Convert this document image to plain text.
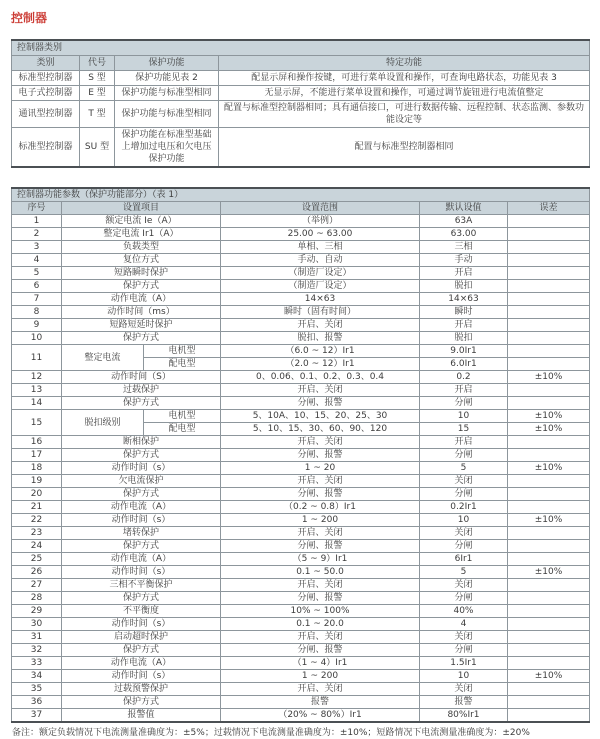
控制器
控制器类别			
类别	代号	保护功能	特定功能
标准型控制器	S 型	保护功能见表 2	配显示屏和操作按键，可进行菜单设置和操作，可查询电路状态，功能见表 3
电子式控制器	E 型	保护功能与标准型相同	无显示屏，不能进行菜单设置和操作，可通过调节旋钮进行电流值整定
通讯型控制器	T 型	保护功能与标准型相同	配置与标准型控制器相同；具有通信接口，可进行数据传输、远程控制、状态监测、参数功能设定等
标准型控制器	SU 型	保护功能在标准型基础上增加过电压和欠电压保护功能	配置与标准型控制器相同
控制器功能参数（保护功能部分）（表 1）					
序号	设置项目		设置范围	默认设值	误差
1	额定电流 Ie（A）		（举例）	63A	
2	整定电流 Ir1（A）		25.00 ~ 63.00	63.00	
3	负载类型		单相、三相	三相	
4	复位方式		手动、自动	手动	
5	短路瞬时保护		（制造厂设定）	开启	
6	保护方式		（制造厂设定）	脱扣	
7	动作电流（A）		14×63	14×63	
8	动作时间（ms）		瞬时（固有时间）	瞬时	
9	短路短延时保护		开启、关闭	开启	
10	保护方式		脱扣、报警	脱扣	
11	整定电流	电机型	（6.0 ~ 12）Ir1	9.0Ir1	
		配电型	（2.0 ~ 12）Ir1	6.0Ir1	
12	动作时间（S）		0、0.06、0.1、0.2、0.3、0.4	0.2	±10%
13	过载保护		开启、关闭	开启	
14	保护方式		分闸、报警	分闸	
15	脱扣级别	电机型	5、10A、10、15、20、25、30	10	±10%
		配电型	5、10、15、30、60、90、120	15	±10%
16	断相保护		开启、关闭	开启	
17	保护方式		分闸、报警	分闸	
18	动作时间（s）		1 ~ 20	5	±10%
19	欠电流保护		开启、关闭	关闭	
20	保护方式		分闸、报警	分闸	
21	动作电流（A）		（0.2 ~ 0.8）Ir1	0.2Ir1	
22	动作时间（s）		1 ~ 200	10	±10%
23	堵转保护		开启、关闭	关闭	
24	保护方式		分闸、报警	分闸	
25	动作电流（A）		（5 ~ 9）Ir1	6Ir1	
26	动作时间（s）		0.1 ~ 50.0	5	±10%
27	三相不平衡保护		开启、关闭	关闭	
28	保护方式		分闸、报警	分闸	
29	不平衡度		10% ~ 100%	40%	
30	动作时间（s）		0.1 ~ 20.0	4	
31	启动超时保护		开启、关闭	关闭	
32	保护方式		分闸、报警	分闸	
33	动作电流（A）		（1 ~ 4）Ir1	1.5Ir1	
34	动作时间（s）		1 ~ 200	10	±10%
35	过载预警保护		开启、关闭	关闭	
36	保护方式		报警	报警	
37	报警值		（20% ~ 80%）Ir1	80%Ir1	
备注：额定负载情况下电流测量准确度为：±5%；过载情况下电流测量准确度为：±10%；短路情况下电流测量准确度为：±20%
